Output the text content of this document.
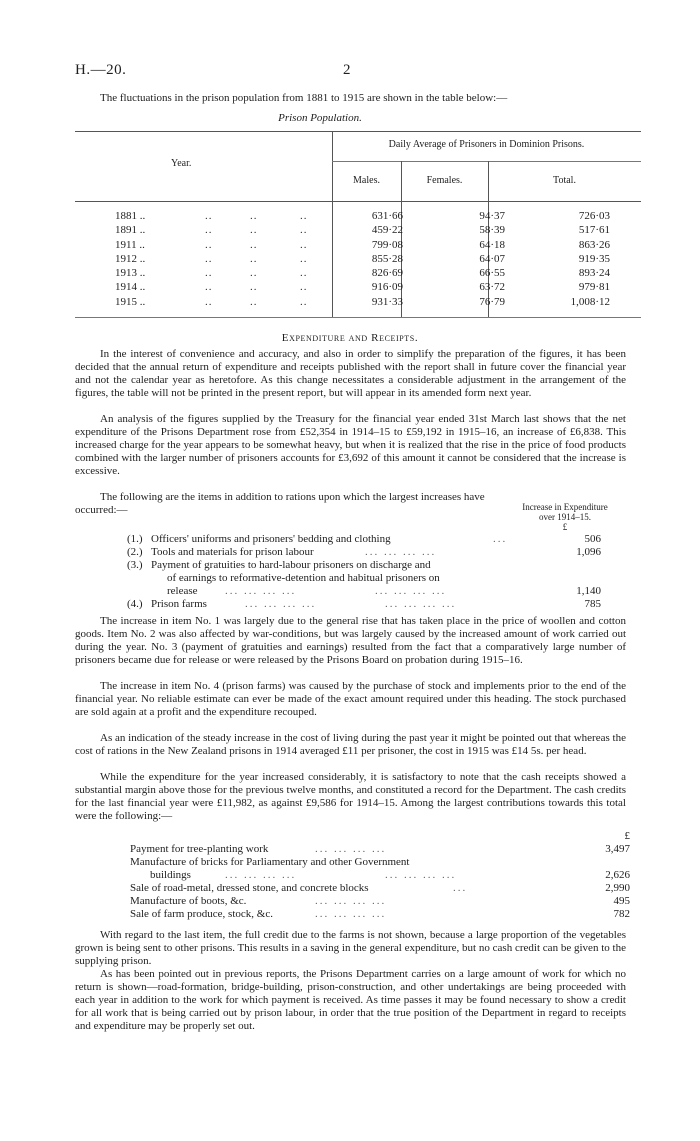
H.—20.	2
The fluctuations in the prison population from 1881 to 1915 are shown in the table below:—
Prison Population.
Year.
Daily Average of Prisoners in Dominion Prisons.
Males.	Females.	Total.
1881 ..	..	..	..	631·66	94·37	726·03
1891 ..	..	..	..	459·22	58·39	517·61
1911 ..	..	..	..	799·08	64·18	863·26
1912 ..	..	..	..	855·28	64·07	919·35
1913 ..	..	..	..	826·69	66·55	893·24
1914 ..	..	..	..	916·09	63·72	979·81
1915 ..	..	..	..	931·33	76·79	1,008·12
Expenditure and Receipts.
In the interest of convenience and accuracy, and also in order to simplify the preparation of the figures, it has been decided that the annual return of expenditure and receipts published with the report shall in future cover the financial year and not the calendar year as heretofore. As this change necessitates a considerable adjustment in the arrangement of the figures, the table will not be printed in the present report, but will appear in its amended form next year.
An analysis of the figures supplied by the Treasury for the financial year ended 31st March last shows that the net expenditure of the Prisons Department rose from £52,354 in 1914–15 to £59,192 in 1915–16, an increase of £6,838. This increased charge for the year appears to be somewhat heavy, but when it is realized that the rise in the price of food products combined with the larger number of prisoners accounts for £3,692 of this amount it cannot be considered that the increase is excessive.
The following are the items in addition to rations upon which the largest increases have occurred:—	Increase in Expenditure
over 1914–15.
£
(1.) Officers' uniforms and prisoners' bedding and clothing	...	506
(2.) Tools and materials for prison labour	... ... ... ...	1,096
(3.) Payment of gratuities to hard-labour prisoners on discharge and
of earnings to reformative-detention and habitual prisoners on
release ... ... ... ...	... ... ... ...	1,140
(4.) Prison farms	... ... ... ...	... ... ... ...	785
The increase in item No. 1 was largely due to the general rise that has taken place in the price of woollen and cotton goods. Item No. 2 was also affected by war-conditions, but was largely caused by the increased amount of work carried out during the year. No. 3 (payment of gratuities and earnings) resulted from the fact that a comparatively large number of prisoners became due for release or were released by the Prisons Board on probation during 1915–16.
The increase in item No. 4 (prison farms) was caused by the purchase of stock and implements prior to the end of the financial year. No reliable estimate can ever be made of the exact amount required under this heading. The stock purchased are sold again at a profit and the expenditure recouped.
As an indication of the steady increase in the cost of living during the past year it might be pointed out that whereas the cost of rations in the New Zealand prisons in 1914 averaged £11 per prisoner, the cost in 1915 was £14 5s. per head.
While the expenditure for the year increased considerably, it is satisfactory to note that the cash receipts showed a substantial margin above those for the previous twelve months, and constituted a record for the Department. The cash credits for the last financial year were £11,982, as against £9,586 for 1914–15. Among the largest contributions towards this total were the following:—
£
Payment for tree-planting work	... ... ... ...	3,497
Manufacture of bricks for Parliamentary and other Government
buildings	... ... ... ...	... ... ... ...	2,626
Sale of road-metal, dressed stone, and concrete blocks	...	2,990
Manufacture of boots, &c.	... ... ... ...	495
Sale of farm produce, stock, &c.	... ... ... ...	782
With regard to the last item, the full credit due to the farms is not shown, because a large proportion of the vegetables grown is being sent to other prisons. This results in a saving in the general expenditure, but no cash credit can be given to the supplying prison.
As has been pointed out in previous reports, the Prisons Department carries on a large amount of work for which no return is shown—road-formation, bridge-building, prison-construction, and other undertakings are being proceeded with each year in addition to the work for which payment is received. As time passes it may be found necessary to show a credit for all work that is being carried out by prison labour, in order that the true position of the Department in regard to receipts and expenditure may be properly set out.
